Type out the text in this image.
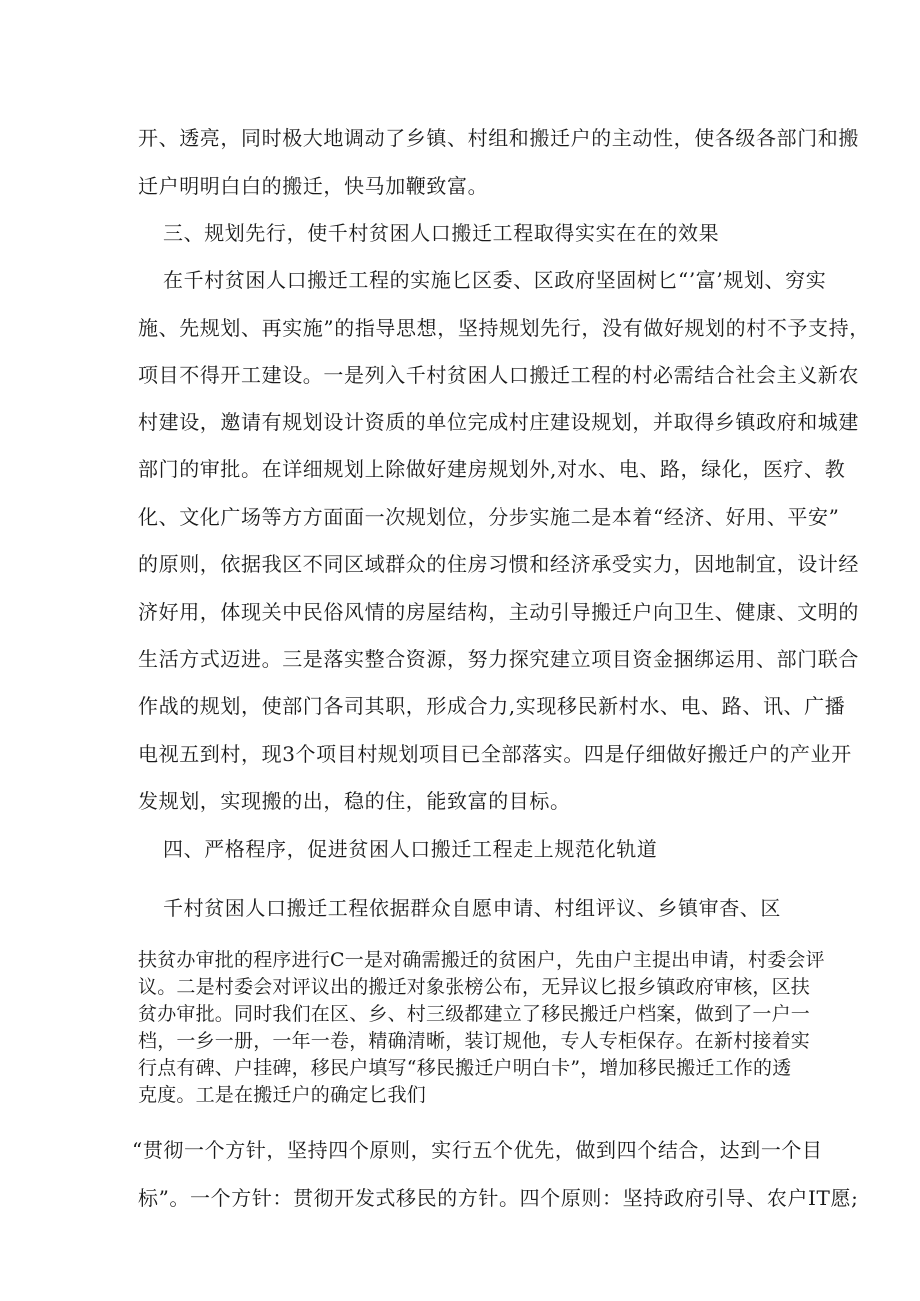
开、透亮，同时极大地调动了乡镇、村组和搬迁户的主动性，使各级各部门和搬
迁户明明白白的搬迁，快马加鞭致富。
三、规划先行，使千村贫困人口搬迁工程取得实实在在的效果
在千村贫困人口搬迁工程的实施匕区委、区政府坚固树匕“’富’规划、穷实
施、先规划、再实施”的指导思想，坚持规划先行，没有做好规划的村不予支持，
项目不得开工建设。一是列入千村贫困人口搬迁工程的村必需结合社会主义新农
村建设，邀请有规划设计资质的单位完成村庄建设规划，并取得乡镇政府和城建
部门的审批。在详细规划上除做好建房规划外,对水、电、路，绿化，医疗、教
化、文化广场等方方面面一次规划位，分步实施二是本着“经济、好用、平安”
的原则，依据我区不同区域群众的住房习惯和经济承受实力，因地制宜，设计经
济好用，体现关中民俗风情的房屋结构，主动引导搬迁户向卫生、健康、文明的
生活方式迈进。三是落实整合资源，努力探究建立项目资金捆绑运用、部门联合
作战的规划，使部门各司其职，形成合力,实现移民新村水、电、路、讯、广播
电视五到村，现3个项目村规划项目已全部落实。四是仔细做好搬迁户的产业开
发规划，实现搬的出，稳的住，能致富的目标。
四、严格程序，促进贫困人口搬迁工程走上规范化轨道
千村贫困人口搬迁工程依据群众自愿申请、村组评议、乡镇审杳、区
扶贫办审批的程序进行C一是对确需搬迁的贫困户，先由户主提出申请，村委会评
议。二是村委会对评议出的搬迁对象张榜公布，无异议匕报乡镇政府审核，区扶
贫办审批。同时我们在区、乡、村三级都建立了移民搬迁户档案，做到了一户一
档，一乡一册，一年一卷，精确清晰，装订规他，专人专柜保存。在新村接着实
行点有碑、户挂碑，移民户填写“移民搬迁户明白卡”，增加移民搬迁工作的透
克度。工是在搬迁户的确定匕我们
“贯彻一个方针，坚持四个原则，实行五个优先，做到四个结合，达到一个目
标”。一个方针：贯彻开发式移民的方针。四个原则：坚持政府引导、农户IT愿;
